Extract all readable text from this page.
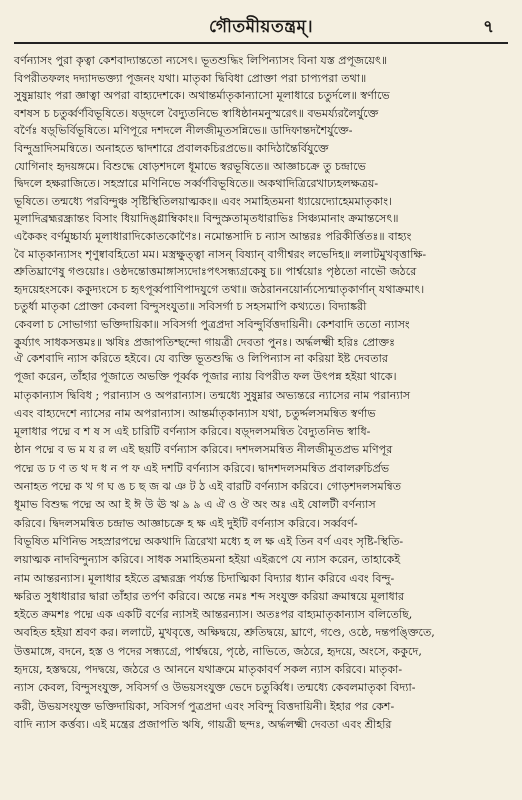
গৌতমীয়তন্ত্রম্।	৭
বর্ণন্যাসং পুরা কৃত্বা কেশবাদ্যান্ততো ন্যসেৎ। ভূতশুদ্ধিং লিপিন্যাসং বিনা যস্ত প্রপূজয়েৎ॥
বিপরীতফলং দদ্যাদভক্ত্যা পূজনং যথা। মাতৃকা দ্বিবিধা প্রোক্তা পরা চাপ্যপরা তথা॥
সুষুম্নায়াং পরা জ্ঞাত্বা অপরা বাহ্যদেশকে। অথান্তর্মাতৃকান্যাসো মূলাধারে চতুর্দলে॥ স্বর্ণাভে
বশষস চ চতুর্ব্বর্ণবিভূষিতে। ষড়্‌দলে বৈদ্যুতনিভে স্বাধিষ্ঠানমনুস্মরেৎ॥ বভমর্য্যরলৈর্যুক্তে
বর্ণৈঃ ষড়্‌ভির্বিভূষিতে। মণিপূরে দশদলে নীলজীমূতসন্নিভে॥ ডাদিফান্তদশৈর্যুক্তে-
বিন্দুভ্রাদিসমন্বিতে। অনাহতে দ্বাদশারে প্রবালকচিরপ্রভে॥ কাদিঠান্তৈর্বিযুক্তে
যোগিনাং হৃদয়ঙ্গমে। বিশুদ্ধে ষোড়শদলে ধূমাভে স্বরভূষিতে॥ আজ্ঞাচক্রে তু চন্দ্রাভে
দ্বিদলে হক্ষরাজিতে। সহস্রারে মণিনিভে সর্ব্বর্ণবিভূষিতে॥ অকথাদিত্রিরেখাঢ্যহলক্ষত্রয়-
ভূষিতে। তন্মধ্যে পরবিন্দুঞ্চ সৃষ্টিস্থিতিলয়াত্মকং॥ এবং সমাহিতমনা ধ্যায়েদ্যোহেমমাতৃকাং।
মূলাদিব্রহ্মরন্ধ্রান্তং বিসাং ধিয়াদিঙ্গ্লাম্বিকাং॥ বিন্দুস্রুতামৃতধারাভিঃ সিঞ্চ্যমানাং ক্রমান্তসেৎ॥
একৈকং বর্ণমুচ্চার্য্য মূলাধারাদিকোতকোণৈঃ। নমোন্তসাদি চ ন্যাস আন্তরঃ পরিকীর্ত্তিতঃ॥ বাহ্যং
বৈ মাতৃকান্যাসং শৃণুষ্বাবহিতো মম। মস্ত্রক্ষুত্ত্বা নাসন্ বিষ্যান্ বাগীশ্বরং লভেদিহ॥ ললাটমুখবৃত্তাক্ষি-
শ্রুতিঘ্রাণেষু গণ্ডয়োঃ। ওষ্ঠদন্তোত্তমাঙ্গাস্যদোঃপৎসন্ধ্যগ্রকেষু চ॥ পার্শ্বয়োঃ পৃষ্ঠতো নাভৌ জঠরে
হৃদয়েহংসকে। ককুদ্যংসে চ হৃৎপূর্ব্বপাণিপাদযুগে তথা॥ জঠরাননয়োর্ন্যস্যেন্মাতৃকার্ণান্ যথাক্রমাৎ।
চতুর্ধা মাতৃকা প্রোক্তা কেবলা বিন্দুসংযুতা॥ সবিসর্গা চ সহসমাপি কথ্যতে। বিদ্যাঙ্করী
কেবলা চ সোভাগ্যা ভক্তিদায়িকা॥ সবিসর্গা পুত্রপ্রদা সবিন্দুর্বিত্তদায়িনী। কেশবাদি ততো ন্যাসং
কুর্য্যাৎ সাধকসত্তমঃ॥ ঋষিঃ প্রজাপতিশ্ছন্দো গায়ত্রী দেবতা পুনঃ। অর্দ্ধলক্ষ্মী হরিঃ প্রোক্তঃ
ঐ কেশবাদি ন্যাস করিতে হইবে। যে ব্যক্তি ভূতশুদ্ধি ও লিপিন্যাস না করিয়া ইষ্ট দেবতার
পূজা করেন, তাঁহার পূজাতে অভক্তি পূর্ব্বক পূজার ন্যায় বিপরীত ফল উৎপন্ন হইয়া থাকে।
মাতৃকান্যাস দ্বিবিধ ; পরান্যাস ও অপরান্যাস। তন্মধ্যে সুষুম্নার অভ্যন্তরে ন্যাসের নাম পরান্যাস
এবং বাহ্যদেশে ন্যাসের নাম অপরান্যাস। আন্তর্মাতৃকান্যাস যথা, চতুর্দ্দলসমন্বিত স্বর্ণাভ
মূলাধার পদ্মে ব শ ষ স এই চারিটি বর্ণন্যাস করিবে। ষড়্‌দলসমন্বিত বৈদ্যুতনিভ স্বাধি-
ষ্ঠান পদ্মে ব ভ ম য র ল এই ছয়টি বর্ণন্যাস করিবে। দশদলসমন্বিত নীলজীমূতপ্রভ মণিপূর
পদ্মে ড ঢ ণ ত থ দ ধ ন প ফ এই দশটি বর্ণন্যাস করিবে। দ্বাদশদলসমন্বিত প্রবালরুচির্প্রভ
অনাহত পদ্মে ক খ গ ঘ ঙ চ ছ জ ঝ ঞ ট ঠ এই বারটি বর্ণন্যাস করিবে। গোড়শদলসমন্বিত
ধূমাভ বিশুদ্ধ পদ্মে অ আ ই ঈ উ ঊ ঋ ৯ ৯ এ ঐ ও ঔ অং অঃ এই ষোলটী বর্ণন্যাস
করিবে। দ্বিদলসমন্বিত চন্দ্রাভ আজ্ঞাচক্রে হ ক্ষ এই দুইটি বর্ণন্যাস করিবে। সর্ব্ববর্ণ-
বিভূষিত মণিনিভ সহস্রারপদ্মে অকথাদি ত্রিরেখা মধ্যে হ ল ক্ষ এই তিন বর্ণ এবং সৃষ্টি-স্থিতি-
লয়াত্মক নাদবিন্দুন্যাস করিবে। সাধক সমাহিতমনা হইয়া এইরূপে যে ন্যাস করেন, তাহাকেই
নাম আন্তরন্যাস। মূলাধার হইতে ব্রহ্মরন্ধ্র পর্য্যন্ত চিদাত্মিকা বিদ্যার ধ্যান করিবে এবং বিন্দু-
ক্ষরিত সুধাধারার দ্বারা তাঁহার তর্পণ করিবে। অন্তে নমঃ শব্দ সংযুক্ত করিয়া ক্রমান্বয়ে মূলাধার
হইতে ক্রমশঃ পদ্মে এক একটি বর্ণের ন্যাসই আন্তরন্যাস। অতঃপর বাহ্যমাতৃকান্যাস বলিতেছি,
অবহিত হইয়া শ্রবণ কর। ললাটে, মুখবৃত্তে, অক্ষিদ্বয়ে, শ্রুতিদ্বয়ে, ঘ্রাণে, গণ্ডে, ওষ্ঠে, দন্তপঙ্ক্তিতে,
উত্তমাঙ্গে, বদনে, হস্ত ও পদের সন্ধ্যগ্রে, পার্শ্বদ্বয়ে, পৃষ্ঠে, নাভিতে, জঠরে, হৃদয়ে, অংসে, ককুদে,
হৃদয়ে, হস্তদ্বয়ে, পদদ্বয়ে, জঠরে ও আননে যথাক্রমে মাতৃকাবর্ণ সকল ন্যাস করিবে। মাতৃকা-
ন্যাস কেবল, বিন্দুসংযুক্ত, সবিসর্গ ও উভয়সংযুক্ত ভেদে চতুর্ব্বিধ। তন্মধ্যে কেবলমাতৃকা বিদ্যা-
করী, উভয়সংযুক্ত ভক্তিদায়িকা, সবিসর্গ পুত্রপ্রদা এবং সবিন্দু বিত্তদায়িনী। ইহার পর কেশ-
বাদি ন্যাস কর্ত্তব্য। এই মন্ত্রের প্রজাপতি ঋষি, গায়ত্রী ছন্দঃ, অর্দ্ধলক্ষ্মী দেবতা এবং শ্রীহরি
